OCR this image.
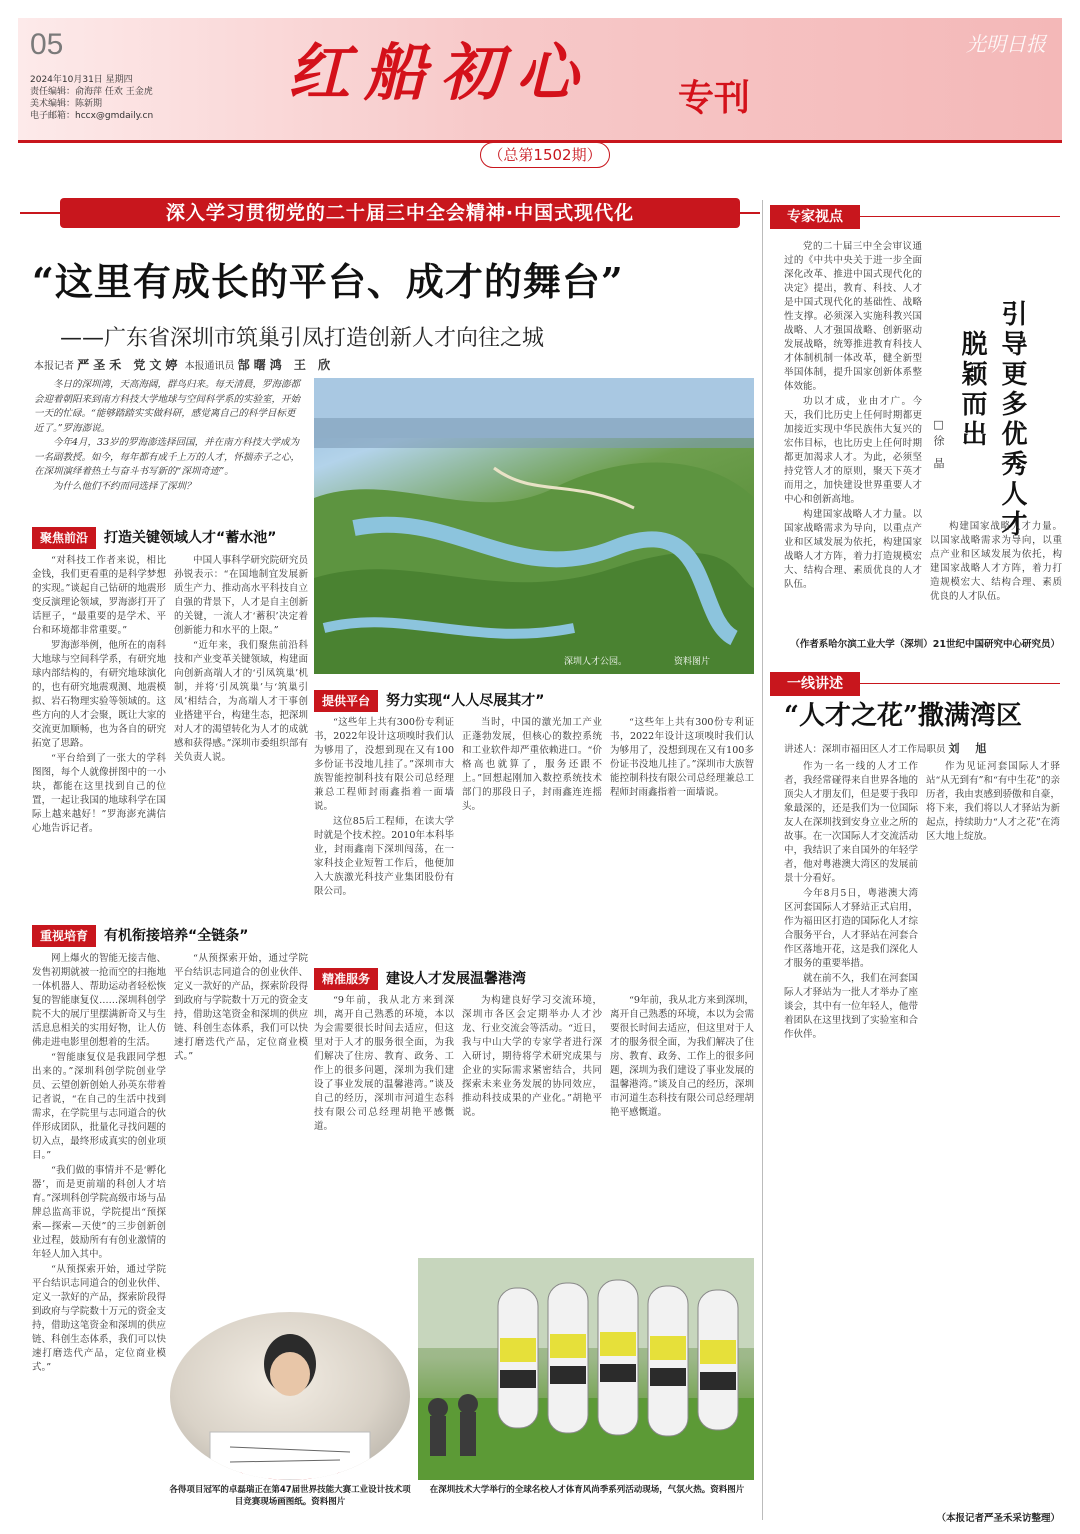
05
2024年10月31日 星期四
责任编辑：俞海萍 任欢 王金虎
美术编辑：陈新期
电子邮箱：hccx@gmdaily.cn
红船初心 专刊
光明日报
（总第1502期）
深入学习贯彻党的二十届三中全会精神·中国式现代化
“这里有成长的平台、成才的舞台”
——广东省深圳市筑巢引凤打造创新人才向往之城
本报记者 严圣禾 党文婷 本报通讯员 郜曙鸿 王 欣

冬日的深圳湾，天高海阔，群鸟归来。每天清晨，罗海澎都会迎着朝阳来到南方科技大学地球与空间科学系的实验室，开始一天的忙碌。“能够踏踏实实做科研，感觉离自己的科学目标更近了。”罗海澎说。

今年4月，33岁的罗海澎选择回国，并在南方科技大学成为一名副教授。如今，每年都有成千上万的人才，怀揣赤子之心，在深圳演绎着热土与奋斗书写新的“深圳奇迹”。

为什么他们不约而同选择了深圳？

深圳人才公园。	资料图片
聚焦前沿 打造关键领域人才“蓄水池”

“对科技工作者来说，相比金钱，我们更看重的是科学梦想的实现。”谈起自己钻研的地震形变反演理论领域，罗海澎打开了话匣子，“最重要的是学术、平台和环境都非常重要。”

罗海澎举例，他所在的南科大地球与空间科学系，有研究地球内部结构的，有研究地球演化的，也有研究地震观测、地震模拟、岩石物理实验等领域的。这些方向的人才会聚，既让大家的交流更加顺畅，也为各自的研究拓宽了思路。

“平台给到了一张大的学科图图，每个人就像拼图中的一小块，都能在这里找到自己的位置，一起让我国的地球科学在国际上越来越好！”罗海澎充满信心地告诉记者。

中国人事科学研究院研究员孙锐表示：“在国地制宜发展新质生产力、推动高水平科技自立自强的背景下，人才是自主创新的关键，一流人才‘蓄积’决定着创新能力和水平的上限。”

“近年来，我们聚焦前沿科技和产业变革关键领域，构建面向创新高端人才的‘引凤筑巢’机制，并将‘引凤筑巢’与‘筑巢引凤’相结合，为高端人才干事创业搭建平台，构建生态，把深圳对人才的渴望转化为人才的成就感和获得感。”深圳市委组织部有关负责人说。

提供平台 努力实现“人人尽展其才”

“这些年上共有300份专利证书，2022年设计这项嗅时我们认为够用了，没想到现在又有100多份证书没地儿挂了。”深圳市大族智能控制科技有限公司总经理兼总工程师封雨鑫指着一面墙说。

这位85后工程师，在读大学时就是个技术控。2010年本科毕业，封雨鑫南下深圳闯荡，在一家科技企业短暂工作后，他便加入大族激光科技产业集团股份有限公司。

当时，中国的激光加工产业正蓬勃发展，但核心的数控系统和工业软件却严重依赖进口。“价格高也就算了，服务还跟不上。”回想起刚加入数控系统技术部门的那段日子，封雨鑫连连摇头。

“这些年上共有300份专利证书，2022年设计这项嗅时我们认为够用了，没想到现在又有100多份证书没地儿挂了。”深圳市大族智能控制科技有限公司总经理兼总工程师封雨鑫指着一面墙说。

重视培育 有机衔接培养“全链条”

网上爆火的智能无接吉他、发售初期就被一抢而空的扫拖地一体机器人、帮助运动者轻松恢复的智能康复仪……深圳科创学院不大的展厅里摆满新奇又与生活息息相关的实用好物，让人仿佛走进电影里创想着的生活。

“智能康复仪是我跟同学想出来的。”深圳科创学院创业学员、云望创新创始人孙英东带着记者说，“在自己的生活中找到需求，在学院里与志同道合的伙伴形成团队，批量化寻找问题的切入点，最终形成真实的创业项目。”

“我们做的事情并不是‘孵化器’，而是更前端的科创人才培育。”深圳科创学院高级市场与品牌总监高菲说，学院提出“预探索—探索—天使”的三步创新创业过程，鼓励所有有创业激情的年轻人加入其中。

“从预探索开始，通过学院平台结识志同道合的创业伙伴、定义一款好的产品，探索阶段得到政府与学院数十万元的资金支持，借助这笔资金和深圳的供应链、科创生态体系，我们可以快速打磨迭代产品，定位商业模式。”

“从预探索开始，通过学院平台结识志同道合的创业伙伴、定义一款好的产品，探索阶段得到政府与学院数十万元的资金支持，借助这笔资金和深圳的供应链、科创生态体系，我们可以快速打磨迭代产品，定位商业模式。”

精准服务 建设人才发展温馨港湾

“9年前，我从北方来到深圳，离开自己熟悉的环境，本以为会需要很长时间去适应，但这里对于人才的服务很全面，为我们解决了住房、教育、政务、工作上的很多问题，深圳为我们建设了事业发展的温馨港湾。”谈及自己的经历，深圳市河道生态科技有限公司总经理胡艳平感慨道。

为构建良好学习交流环境，深圳市各区会定期举办人才沙龙、行业交流会等活动。“近日，我与中山大学的专家学者进行深入研讨，期待将学术研究成果与企业的实际需求紧密结合，共同探索未来业务发展的协同效应，推动科技成果的产业化。”胡艳平说。

“9年前，我从北方来到深圳，离开自己熟悉的环境，本以为会需要很长时间去适应，但这里对于人才的服务很全面，为我们解决了住房、教育、政务、工作上的很多问题，深圳为我们建设了事业发展的温馨港湾。”谈及自己的经历，深圳市河道生态科技有限公司总经理胡艳平感慨道。

各得项目冠军的卓磊瑞正在第47届世界技能大赛工业设计技术项目竞赛现场画图纸。资料图片
在深圳技术大学举行的全球名校人才体育风尚季系列活动现场，气氛火热。资料图片
专家视点
引导更多优秀人才
脱颖而出
□徐 晶

党的二十届三中全会审议通过的《中共中央关于进一步全面深化改革、推进中国式现代化的决定》提出，教育、科技、人才是中国式现代化的基础性、战略性支撑。必须深入实施科教兴国战略、人才强国战略、创新驱动发展战略，统筹推进教育科技人才体制机制一体改革，健全新型举国体制，提升国家创新体系整体效能。

功以才成，业由才广。今天，我们比历史上任何时期都更加接近实现中华民族伟大复兴的宏伟目标，也比历史上任何时期都更加渴求人才。为此，必须坚持党管人才的原则，聚天下英才而用之，加快建设世界重要人才中心和创新高地。

构建国家战略人才力量。以国家战略需求为导向，以重点产业和区域发展为依托，构建国家战略人才方阵，着力打造规模宏大、结构合理、素质优良的人才队伍。

构建国家战略人才力量。以国家战略需求为导向，以重点产业和区域发展为依托，构建国家战略人才方阵，着力打造规模宏大、结构合理、素质优良的人才队伍。

（作者系哈尔滨工业大学（深圳）21世纪中国研究中心研究员）
一线讲述
“人才之花”撒满湾区
讲述人：深圳市福田区人才工作局职员 刘 旭

作为一名一线的人才工作者，我经常碰得来自世界各地的顶尖人才朋友们，但是要于我印象最深的，还是我们为一位国际友人在深圳找到安身立业之所的故事。在一次国际人才交流活动中，我结识了来自国外的年轻学者，他对粤港澳大湾区的发展前景十分看好。

今年8月5日，粤港澳大湾区河套国际人才驿站正式启用，作为福田区打造的国际化人才综合服务平台，人才驿站在河套合作区落地开花，这是我们深化人才服务的重要举措。

就在前不久，我们在河套国际人才驿站为一批人才举办了座谈会，其中有一位年轻人，他带着团队在这里找到了实验室和合作伙伴。

作为见证河套国际人才驿站“从无到有”和“有中生花”的亲历者，我由衷感到骄傲和自豪，将下来，我们将以人才驿站为新起点，持续助力“人才之花”在湾区大地上绽放。

（本报记者严圣禾采访整理）
